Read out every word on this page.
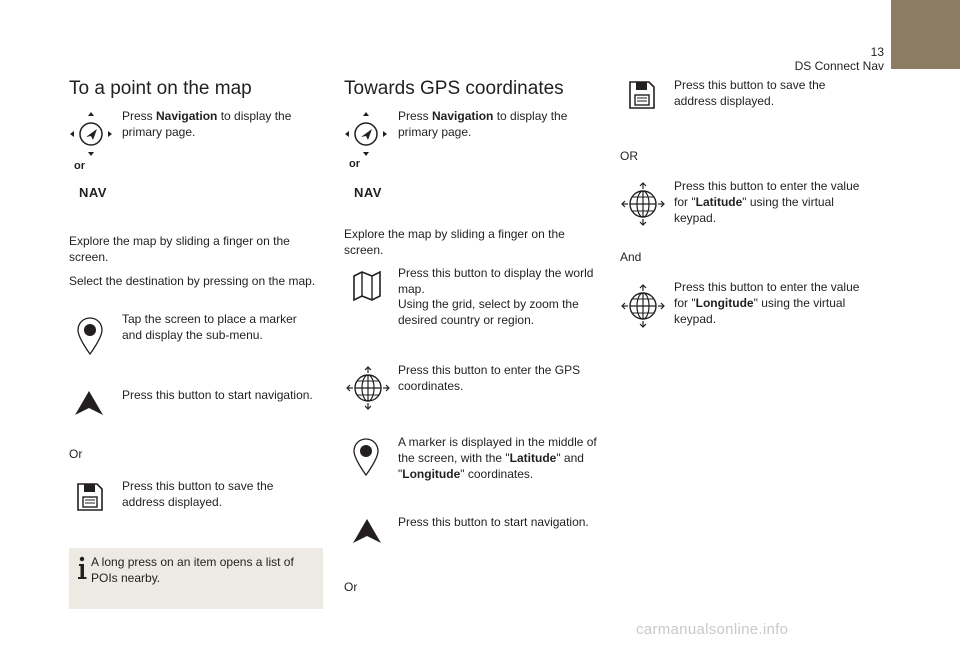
13
DS Connect Nav
To a point on the map
or
NAV

Press Navigation to display the primary page.

Explore the map by sliding a finger on the screen.

Select the destination by pressing on the map.

Tap the screen to place a marker and display the sub-menu.

Press this button to start navigation.

Or

Press this button to save the address displayed.

A long press on an item opens a list of POIs nearby.

Towards GPS coordinates
or
NAV

Press Navigation to display the primary page.

Explore the map by sliding a finger on the screen.

Press this button to display the world map.

Using the grid, select by zoom the desired country or region.

Press this button to enter the GPS coordinates.

A marker is displayed in the middle of the screen, with the "Latitude" and "Longitude" coordinates.

Press this button to start navigation.

Or

Press this button to save the address displayed.

OR

Press this button to enter the value for "Latitude" using the virtual keypad.

And

Press this button to enter the value for "Longitude" using the virtual keypad.

carmanualsonline.info
